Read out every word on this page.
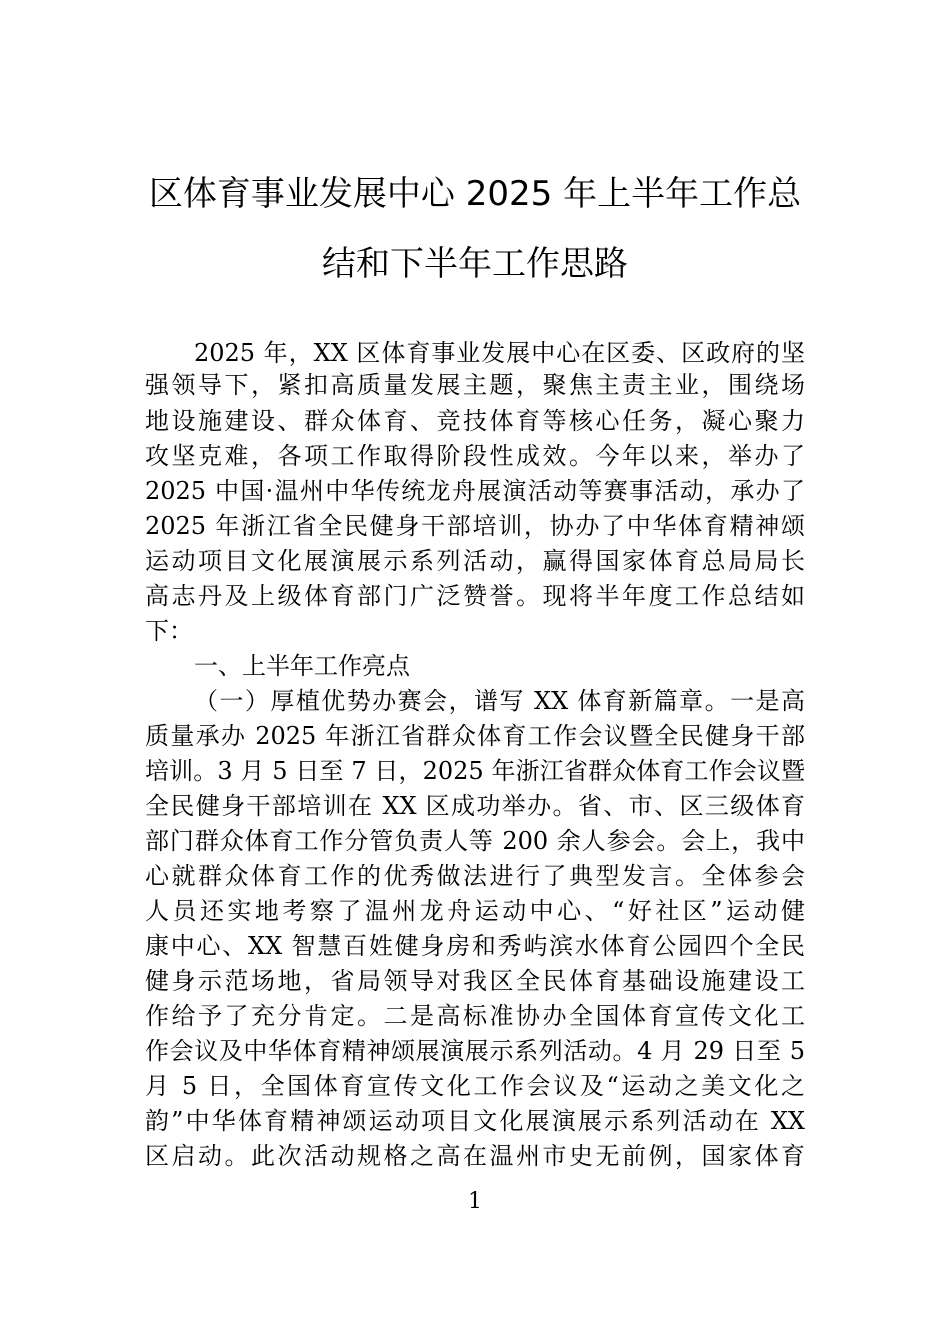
区体育事业发展中心 2025 年上半年工作总
结和下半年工作思路
2025 年，XX 区体育事业发展中心在区委、区政府的坚
强领导下，紧扣高质量发展主题，聚焦主责主业，围绕场
地设施建设、群众体育、竞技体育等核心任务，凝心聚力
攻坚克难，各项工作取得阶段性成效。今年以来，举办了
2025 中国·温州中华传统龙舟展演活动等赛事活动，承办了
2025 年浙江省全民健身干部培训，协办了中华体育精神颂
运动项目文化展演展示系列活动，赢得国家体育总局局长
高志丹及上级体育部门广泛赞誉。现将半年度工作总结如
下：
一、上半年工作亮点
（一）厚植优势办赛会，谱写 XX 体育新篇章。一是高
质量承办 2025 年浙江省群众体育工作会议暨全民健身干部
培训。3 月 5 日至 7 日，2025 年浙江省群众体育工作会议暨
全民健身干部培训在 XX 区成功举办。省、市、区三级体育
部门群众体育工作分管负责人等 200 余人参会。会上，我中
心就群众体育工作的优秀做法进行了典型发言。全体参会
人员还实地考察了温州龙舟运动中心、“好社区”运动健
康中心、XX 智慧百姓健身房和秀屿滨水体育公园四个全民
健身示范场地，省局领导对我区全民体育基础设施建设工
作给予了充分肯定。二是高标准协办全国体育宣传文化工
作会议及中华体育精神颂展演展示系列活动。4 月 29 日至 5
月 5 日，全国体育宣传文化工作会议及“运动之美文化之
韵”中华体育精神颂运动项目文化展演展示系列活动在 XX
区启动。此次活动规格之高在温州市史无前例，国家体育
1
